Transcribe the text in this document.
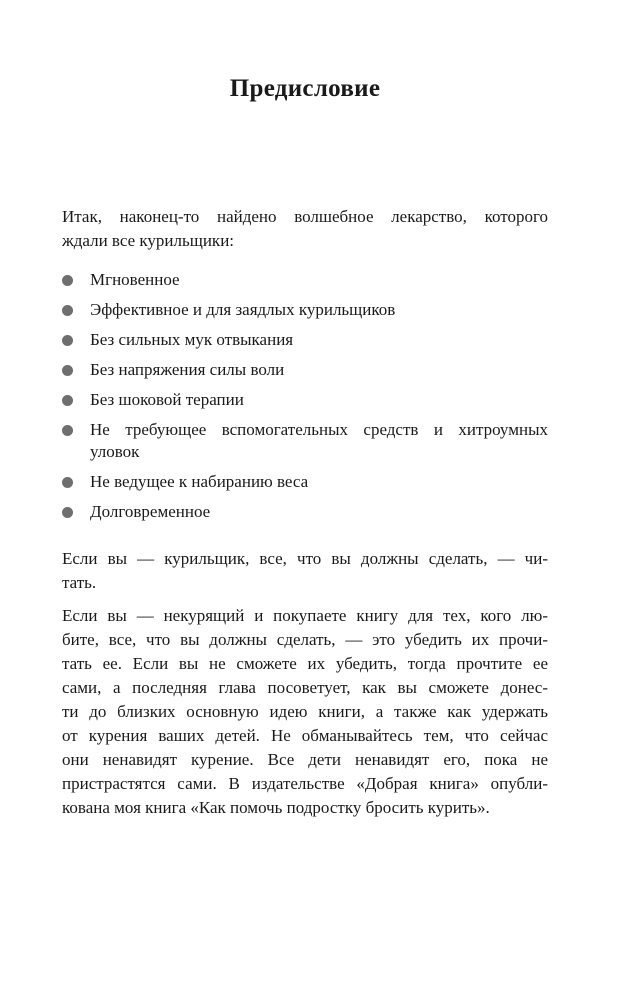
Предисловие

Итак, наконец-то найдено волшебное лекарство, которого
ждали все курильщики:

Мгновенное
Эффективное и для заядлых курильщиков
Без сильных мук отвыкания
Без напряжения силы воли
Без шоковой терапии
Не требующее вспомогательных средств и хитроумных
уловок
Не ведущее к набиранию веса
Долговременное

Если вы — курильщик, все, что вы должны сделать, — чи-
тать.

Если вы — некурящий и покупаете книгу для тех, кого лю-
бите, все, что вы должны сделать, — это убедить их прочи-
тать ее. Если вы не сможете их убедить, тогда прочтите ее
сами, а последняя глава посоветует, как вы сможете донес-
ти до близких основную идею книги, а также как удержать
от курения ваших детей. Не обманывайтесь тем, что сейчас
они ненавидят курение. Все дети ненавидят его, пока не
пристрастятся сами. В издательстве «Добрая книга» опубли-
кована моя книга «Как помочь подростку бросить курить».
